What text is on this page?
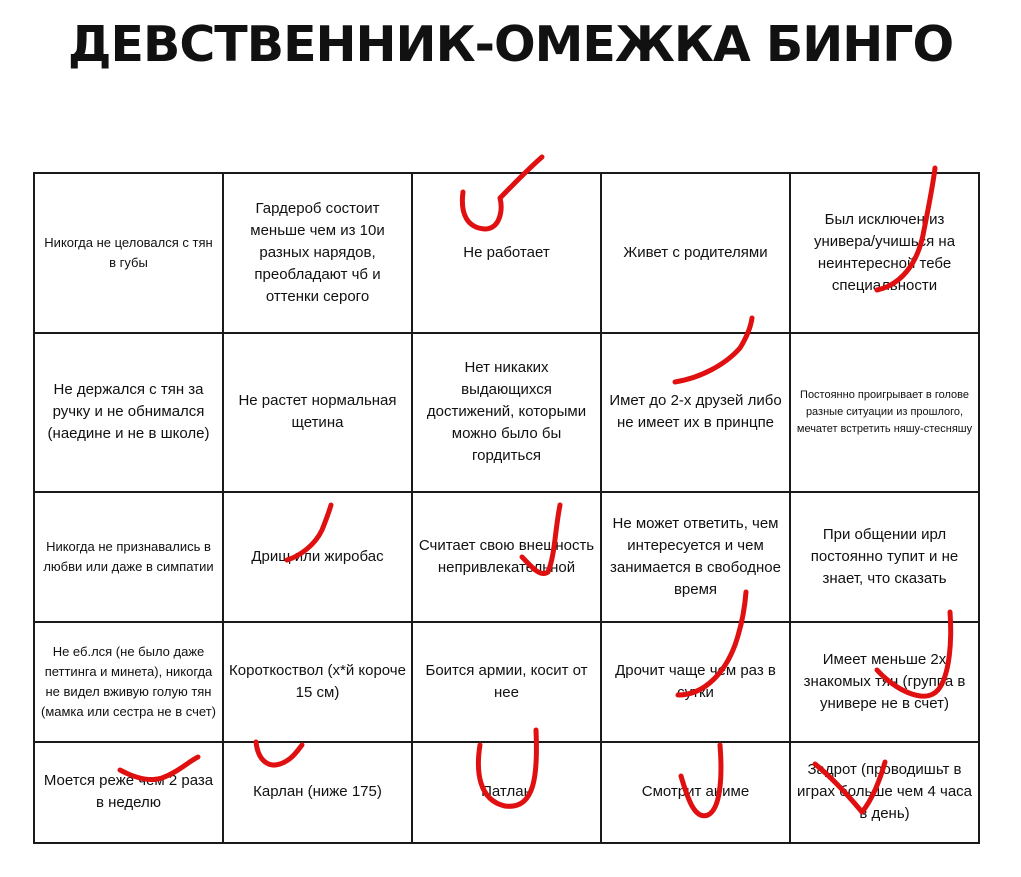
ДЕВСТВЕННИК-ОМЕЖКА БИНГО
Никогда не целовался с тян в губы	Гардероб состоит меньше чем из 10и разных нарядов, преобладают чб и оттенки серого	Не работает	Живет с родителями	Был исключен из универа/учишься на неинтересной тебе специальности
Не держался с тян за ручку и не обнимался (наедине и не в школе)	Не растет нормальная щетина	Нет никаких выдающихся достижений, которыми можно было бы гордиться	Имет до 2-х друзей либо не имеет их в принцпе	Постоянно проигрывает в голове разные ситуации из прошлого, мечатет встретить няшу-стесняшу
Никогда не признавались в любви или даже в симпатии	Дрищ или жиробас	Считает свою внешность непривлекательной	Не может ответить, чем интересуется и чем занимается в свободное время	При общении ирл постоянно тупит и не знает, что сказать
Не еб.лся (не было даже петтинга и минета), никогда не видел вживую голую тян (мамка или сестра не в счет)	Короткоствол (х*й короче 15 см)	Боится армии, косит от нее	Дрочит чаще чем раз в сутки	Имеет меньше 2х знакомых тян (группа в универе не в счет)
Моется реже чем 2 раза в неделю	Карлан (ниже 175)	Патлан	Смотрит аниме	Задрот (проводишьт в играх больше чем 4 часа в день)
